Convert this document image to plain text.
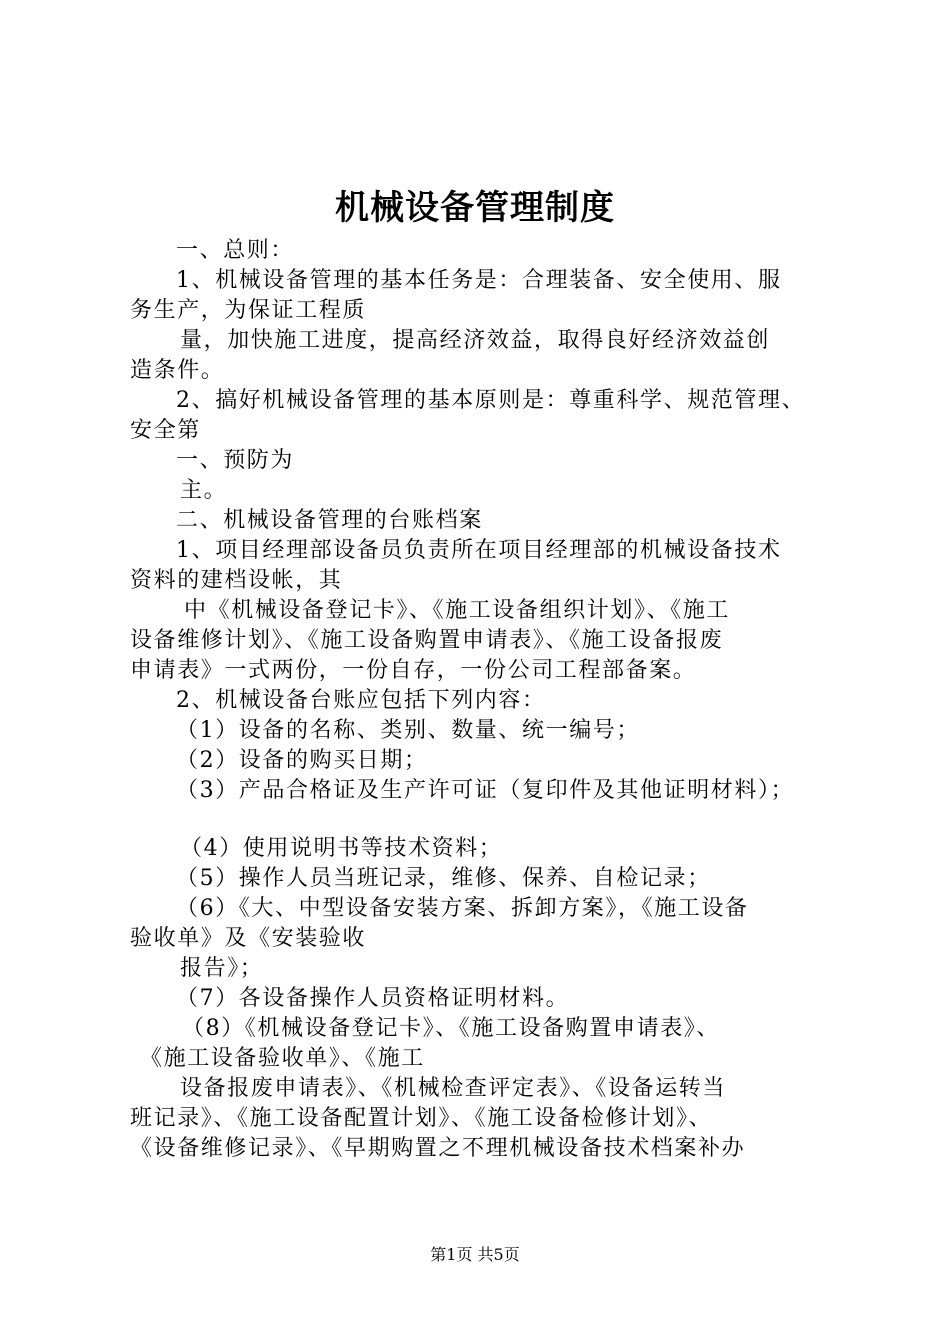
机械设备管理制度
一、总则：
1、机械设备管理的基本任务是：合理装备、安全使用、服
务生产，为保证工程质
量，加快施工进度，提高经济效益，取得良好经济效益创
造条件。
2、搞好机械设备管理的基本原则是：尊重科学、规范管理、
安全第
一、预防为
主。
二、机械设备管理的台账档案
1、项目经理部设备员负责所在项目经理部的机械设备技术
资料的建档设帐，其
中《机械设备登记卡》、《施工设备组织计划》、《施工
设备维修计划》、《施工设备购置申请表》、《施工设备报废
申请表》一式两份，一份自存，一份公司工程部备案。
2、机械设备台账应包括下列内容：
（1）设备的名称、类别、数量、统一编号；
（2）设备的购买日期；
（3）产品合格证及生产许可证（复印件及其他证明材料）；
（4）使用说明书等技术资料；
（5）操作人员当班记录，维修、保养、自检记录；
（6）《大、中型设备安装方案、拆卸方案》，《施工设备
验收单》及《安装验收
报告》；
（7）各设备操作人员资格证明材料。
（8）《机械设备登记卡》、《施工设备购置申请表》、
《施工设备验收单》、《施工
设备报废申请表》、《机械检查评定表》、《设备运转当
班记录》、《施工设备配置计划》、《施工设备检修计划》、
《设备维修记录》、《早期购置之不理机械设备技术档案补办
第1页 共5页
